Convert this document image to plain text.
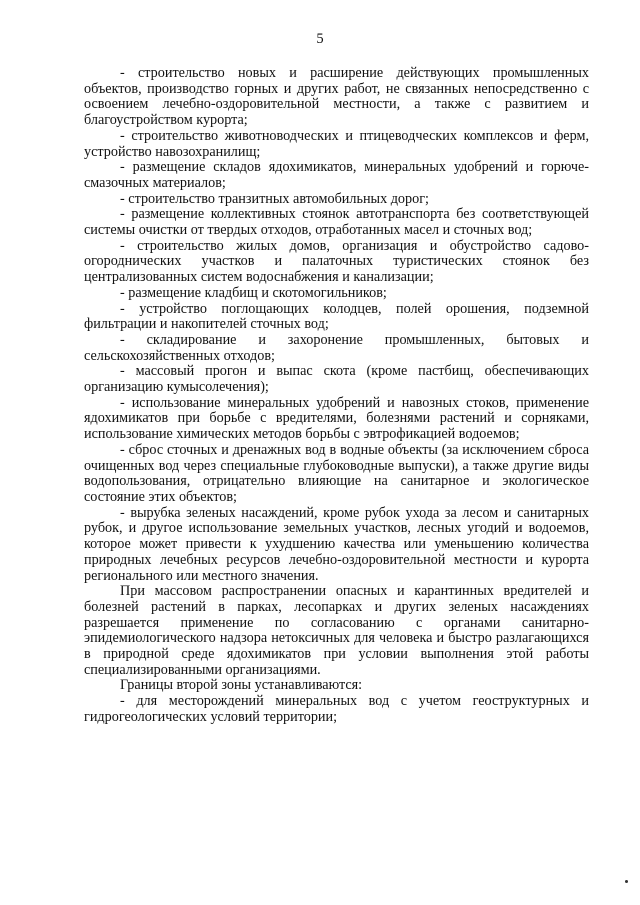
5

- строительство новых и расширение действующих промышленных объектов, производство горных и других работ, не связанных непосредственно с освоением лечебно-оздоровительной местности, а также с развитием и благоустройством курорта;

- строительство животноводческих и птицеводческих комплексов и ферм, устройство навозохранилищ;

- размещение складов ядохимикатов, минеральных удобрений и горюче-смазочных материалов;

- строительство транзитных автомобильных дорог;

- размещение коллективных стоянок автотранспорта без соответствующей системы очистки от твердых отходов, отработанных масел и сточных вод;

- строительство жилых домов, организация и обустройство садово-огороднических участков и палаточных туристических стоянок без централизованных систем водоснабжения и канализации;

- размещение кладбищ и скотомогильников;

- устройство поглощающих колодцев, полей орошения, подземной фильтрации и накопителей сточных вод;

- складирование и захоронение промышленных, бытовых и сельскохозяйственных отходов;

- массовый прогон и выпас скота (кроме пастбищ, обеспечивающих организацию кумысолечения);

- использование минеральных удобрений и навозных стоков, применение ядохимикатов при борьбе с вредителями, болезнями растений и сорняками, использование химических методов борьбы с эвтрофикацией водоемов;

- сброс сточных и дренажных вод в водные объекты (за исключением сброса очищенных вод через специальные глубоководные выпуски), а также другие виды водопользования, отрицательно влияющие на санитарное и экологическое состояние этих объектов;

- вырубка зеленых насаждений, кроме рубок ухода за лесом и санитарных рубок, и другое использование земельных участков, лесных угодий и водоемов, которое может привести к ухудшению качества или уменьшению количества природных лечебных ресурсов лечебно-оздоровительной местности и курорта регионального или местного значения.

При массовом распространении опасных и карантинных вредителей и болезней растений в парках, лесопарках и других зеленых насаждениях разрешается применение по согласованию с органами санитарно-эпидемиологического надзора нетоксичных для человека и быстро разлагающихся в природной среде ядохимикатов при условии выполнения этой работы специализированными организациями.

Границы второй зоны устанавливаются:

- для месторождений минеральных вод с учетом геоструктурных и гидрогеологических условий территории;
